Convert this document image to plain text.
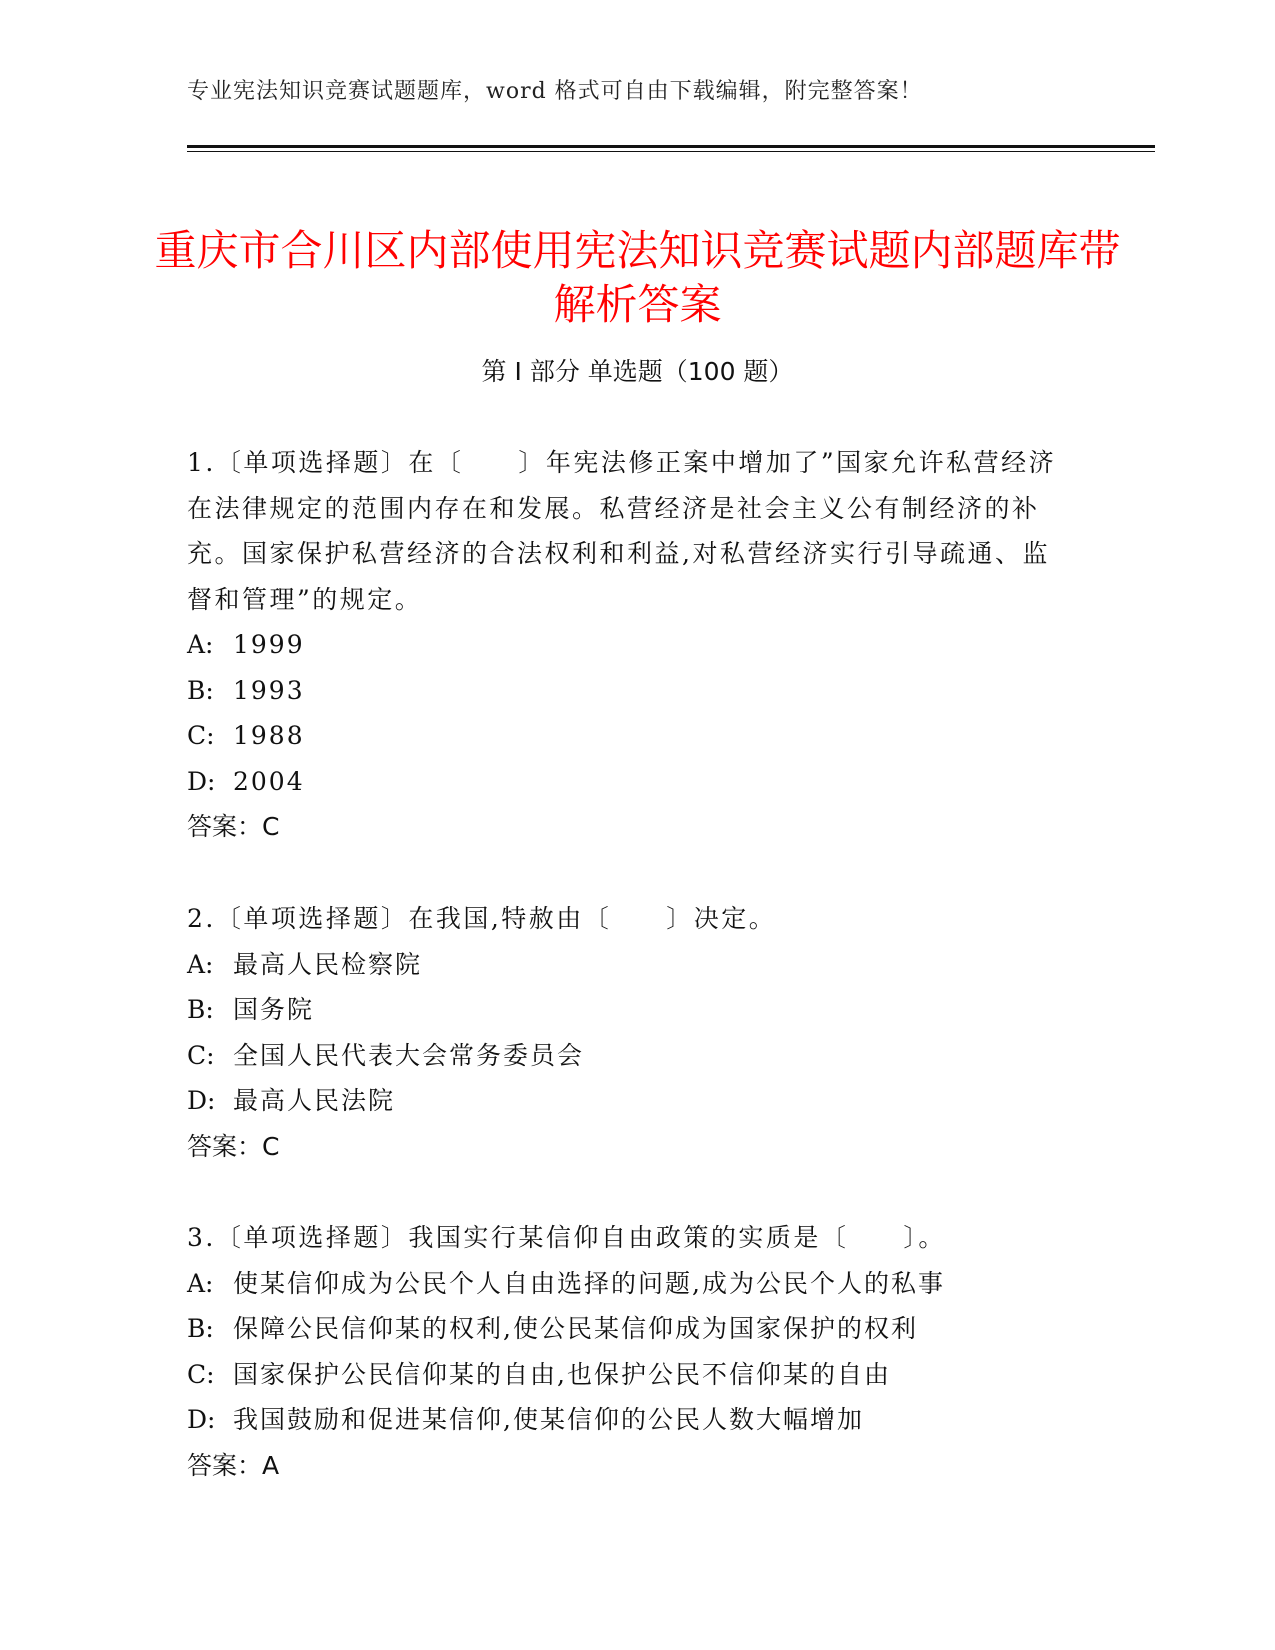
专业宪法知识竞赛试题题库，word 格式可自由下载编辑，附完整答案！
重庆市合川区内部使用宪法知识竞赛试题内部题库带解析答案
第 I 部分 单选题（100 题）

1.〔单项选择题〕在〔　　〕年宪法修正案中增加了”国家允许私营经济在法律规定的范围内存在和发展。私营经济是社会主义公有制经济的补充。国家保护私营经济的合法权利和利益,对私营经济实行引导疏通、监督和管理”的规定。

A: 1999

B: 1993

C: 1988

D: 2004

答案：C

2.〔单项选择题〕在我国,特赦由〔　　〕决定。

A: 最高人民检察院

B: 国务院

C: 全国人民代表大会常务委员会

D: 最高人民法院

答案：C

3.〔单项选择题〕我国实行某信仰自由政策的实质是〔　　〕。

A: 使某信仰成为公民个人自由选择的问题,成为公民个人的私事

B: 保障公民信仰某的权利,使公民某信仰成为国家保护的权利

C: 国家保护公民信仰某的自由,也保护公民不信仰某的自由

D: 我国鼓励和促进某信仰,使某信仰的公民人数大幅增加

答案：A
